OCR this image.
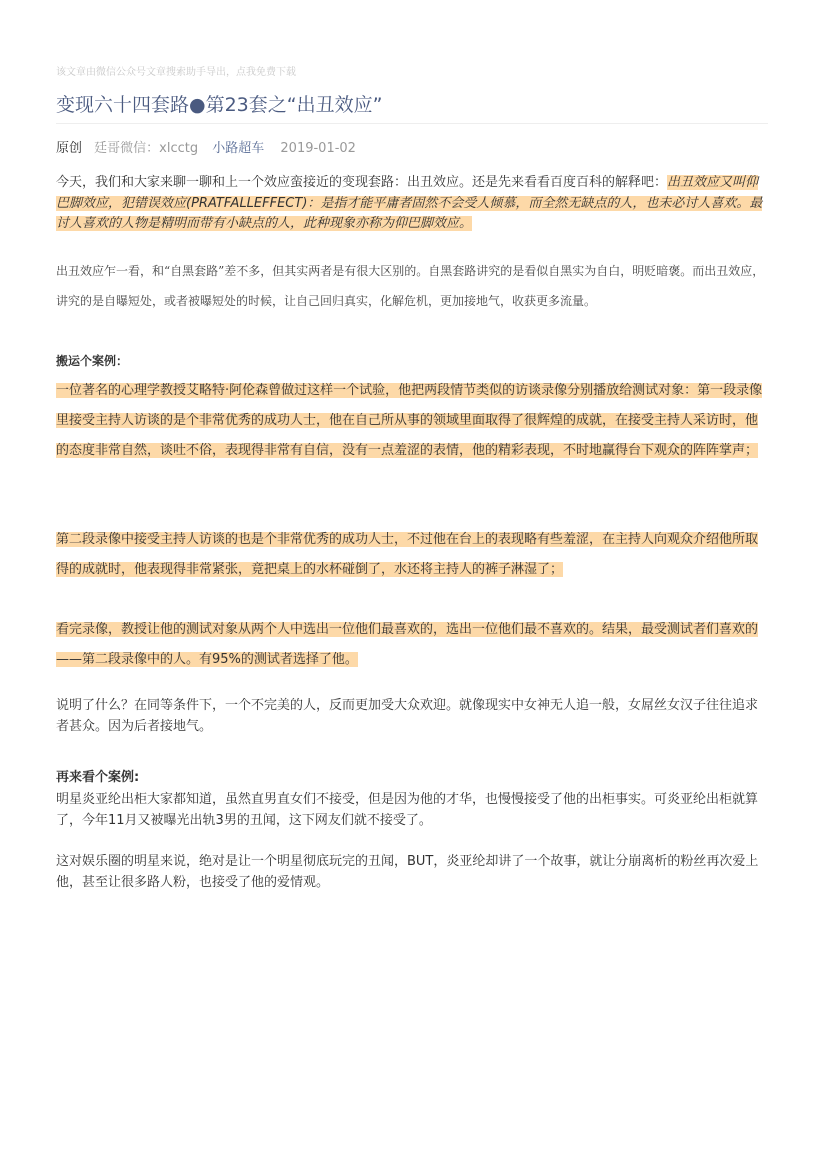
该文章由微信公众号文章搜索助手导出，点我免费下载
变现六十四套路●第23套之“出丑效应”
原创 廷哥微信：xlcctg 小路超车 2019-01-02

今天，我们和大家来聊一聊和上一个效应蛮接近的变现套路：出丑效应。还是先来看看百度百科的解释吧：出丑效应又叫仰巴脚效应，犯错误效应(PRATFALLEFFECT)：是指才能平庸者固然不会受人倾慕，而全然无缺点的人，也未必讨人喜欢。最讨人喜欢的人物是精明而带有小缺点的人，此种现象亦称为仰巴脚效应。

出丑效应乍一看，和“自黑套路”差不多，但其实两者是有很大区别的。自黑套路讲究的是看似自黑实为自白，明贬暗褒。而出丑效应，讲究的是自曝短处，或者被曝短处的时候，让自己回归真实，化解危机，更加接地气，收获更多流量。

搬运个案例：

一位著名的心理学教授艾略特·阿伦森曾做过这样一个试验，他把两段情节类似的访谈录像分别播放给测试对象：第一段录像里接受主持人访谈的是个非常优秀的成功人士，他在自己所从事的领域里面取得了很辉煌的成就，在接受主持人采访时，他的态度非常自然，谈吐不俗，表现得非常有自信，没有一点羞涩的表情，他的精彩表现，不时地赢得台下观众的阵阵掌声；

第二段录像中接受主持人访谈的也是个非常优秀的成功人士，不过他在台上的表现略有些羞涩，在主持人向观众介绍他所取得的成就时，他表现得非常紧张，竟把桌上的水杯碰倒了，水还将主持人的裤子淋湿了；

看完录像，教授让他的测试对象从两个人中选出一位他们最喜欢的，选出一位他们最不喜欢的。结果，最受测试者们喜欢的——第二段录像中的人。有95%的测试者选择了他。

说明了什么？在同等条件下，一个不完美的人，反而更加受大众欢迎。就像现实中女神无人追一般，女屌丝女汉子往往追求者甚众。因为后者接地气。

再来看个案例:

明星炎亚纶出柜大家都知道，虽然直男直女们不接受，但是因为他的才华，也慢慢接受了他的出柜事实。可炎亚纶出柜就算了，今年11月又被曝光出轨3男的丑闻，这下网友们就不接受了。

这对娱乐圈的明星来说，绝对是让一个明星彻底玩完的丑闻，BUT，炎亚纶却讲了一个故事，就让分崩离析的粉丝再次爱上他，甚至让很多路人粉，也接受了他的爱情观。
